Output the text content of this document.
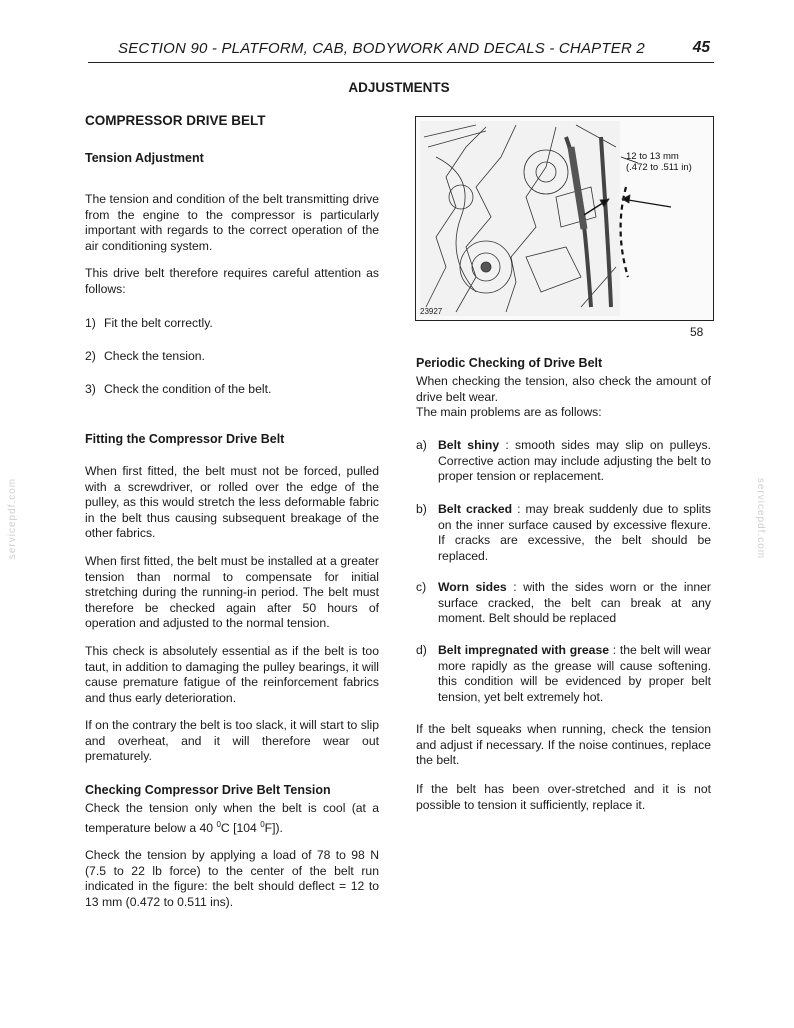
SECTION 90 - PLATFORM, CAB, BODYWORK AND DECALS - CHAPTER 2	45
ADJUSTMENTS
COMPRESSOR DRIVE BELT
Tension Adjustment
The tension and condition of the belt transmitting drive from the engine to the compressor is particularly important with regards to the correct operation of the air conditioning system.
This drive belt therefore requires careful attention as follows:
1) Fit the belt correctly.
2) Check the tension.
3) Check the condition of the belt.
Fitting the Compressor Drive Belt
When first fitted, the belt must not be forced, pulled with a screwdriver, or rolled over the edge of the pulley, as this would stretch the less deformable fabric in the belt thus causing subsequent breakage of the other fabrics.
When first fitted, the belt must be installed at a greater tension than normal to compensate for initial stretching during the running-in period. The belt must therefore be checked again after 50 hours of operation and adjusted to the normal tension.
This check is absolutely essential as if the belt is too taut, in addition to damaging the pulley bearings, it will cause premature fatigue of the reinforcement fabrics and thus early deterioration.
If on the contrary the belt is too slack, it will start to slip and overheat, and it will therefore wear out prematurely.
Checking Compressor Drive Belt Tension
Check the tension only when the belt is cool (at a temperature below a 40 $^0$C [104 $^0$F]).
Check the tension by applying a load of 78 to 98 N (7.5 to 22 lb force) to the center of the belt run indicated in the figure: the belt should deflect = 12 to 13 mm (0.472 to 0.511 ins).
12 to 13 mm
(.472 to .511 in)
23927
58
Periodic Checking of Drive Belt
When checking the tension, also check the amount of drive belt wear.
The main problems are as follows:
a) Belt shiny : smooth sides may slip on pulleys. Corrective action may include adjusting the belt to proper tension or replacement.
b) Belt cracked : may break suddenly due to splits on the inner surface caused by excessive flexure. If cracks are excessive, the belt should be replaced.
c) Worn sides : with the sides worn or the inner surface cracked, the belt can break at any moment. Belt should be replaced
d) Belt impregnated with grease : the belt will wear more rapidly as the grease will cause softening. this condition will be evidenced by proper belt tension, yet belt extremely hot.
If the belt squeaks when running, check the tension and adjust if necessary. If the noise continues, replace the belt.
If the belt has been over-stretched and it is not possible to tension it sufficiently, replace it.
servicepdf.com	servicepdf.com
